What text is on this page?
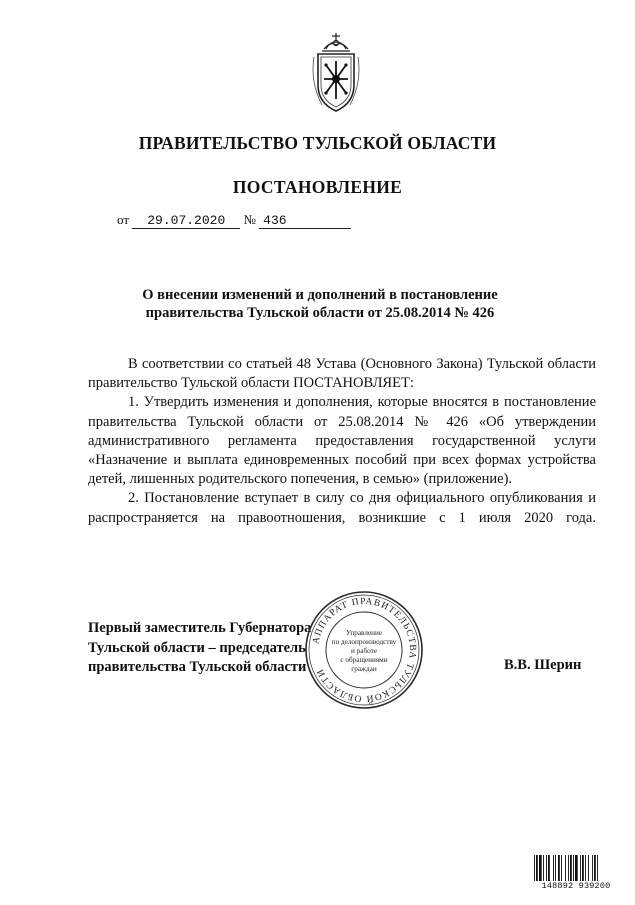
ПРАВИТЕЛЬСТВО ТУЛЬСКОЙ ОБЛАСТИ
ПОСТАНОВЛЕНИЕ
от 29.07.2020 № 436
О внесении изменений и дополнений в постановление
правительства Тульской области от 25.08.2014 № 426

В соответствии со статьей 48 Устава (Основного Закона) Тульской области правительство Тульской области ПОСТАНОВЛЯЕТ:

1. Утвердить изменения и дополнения, которые вносятся в постановление правительства Тульской области от 25.08.2014 № 426 «Об утверждении административного регламента предоставления государственной услуги «Назначение и выплата единовременных пособий при всех формах устройства детей, лишенных родительского попечения, в семью» (приложение).

2. Постановление вступает в силу со дня официального опубликования и распространяется на правоотношения, возникшие с 1 июля 2020 года.

Первый заместитель Губернатора
Тульской области – председатель
правительства Тульской области	В.В. Шерин
АППАРАТ ПРАВИТЕЛЬСТВА ТУЛЬСКОЙ ОБЛАСТИ
Управление
по делопроизводству
и работе
с обращениями
граждан
148892 939200
